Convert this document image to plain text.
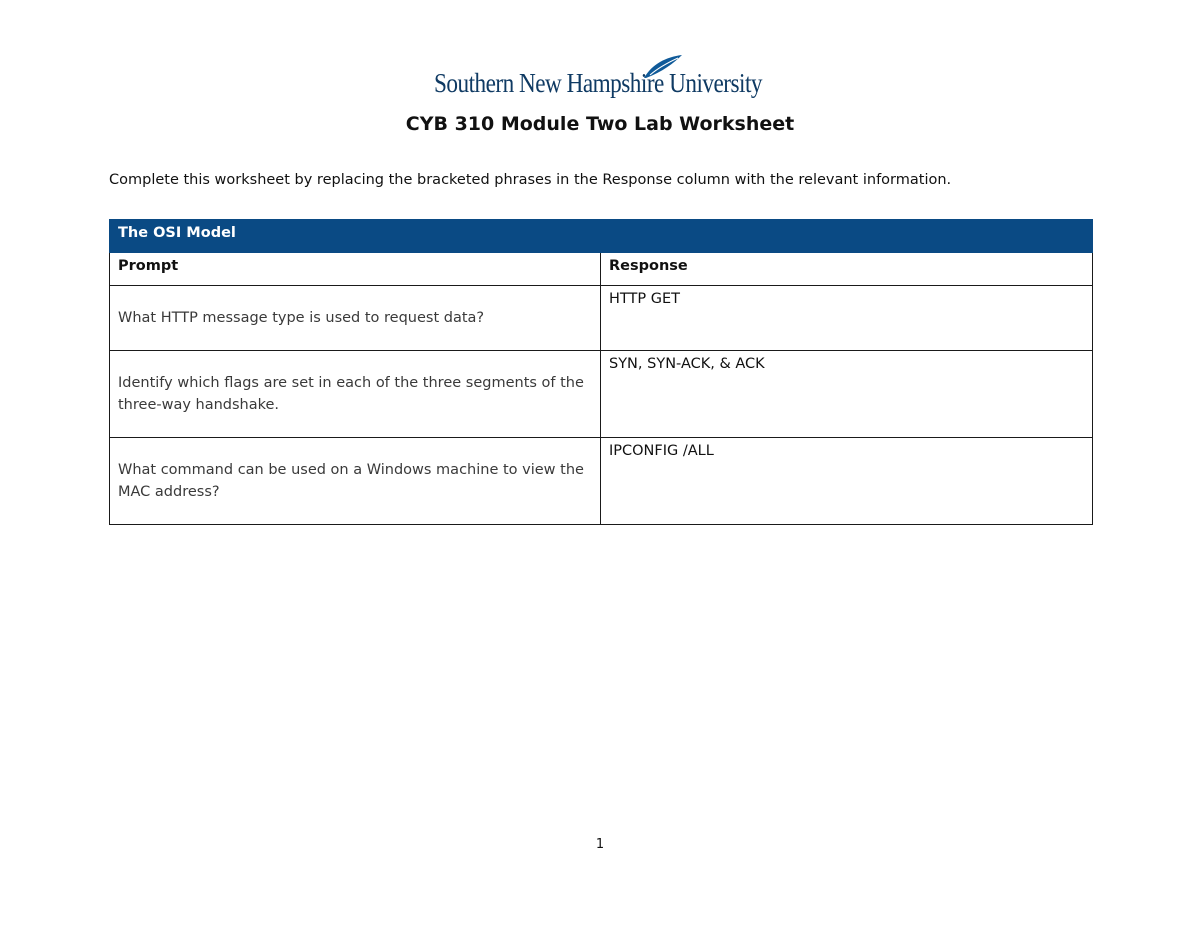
Southern New Hampshire University
CYB 310 Module Two Lab Worksheet
Complete this worksheet by replacing the bracketed phrases in the Response column with the relevant information.
The OSI Model	
Prompt	Response
What HTTP message type is used to request data?	HTTP GET
Identify which flags are set in each of the three segments of the three-way handshake.	SYN, SYN-ACK, & ACK
What command can be used on a Windows machine to view the MAC address?	IPCONFIG /ALL
1
